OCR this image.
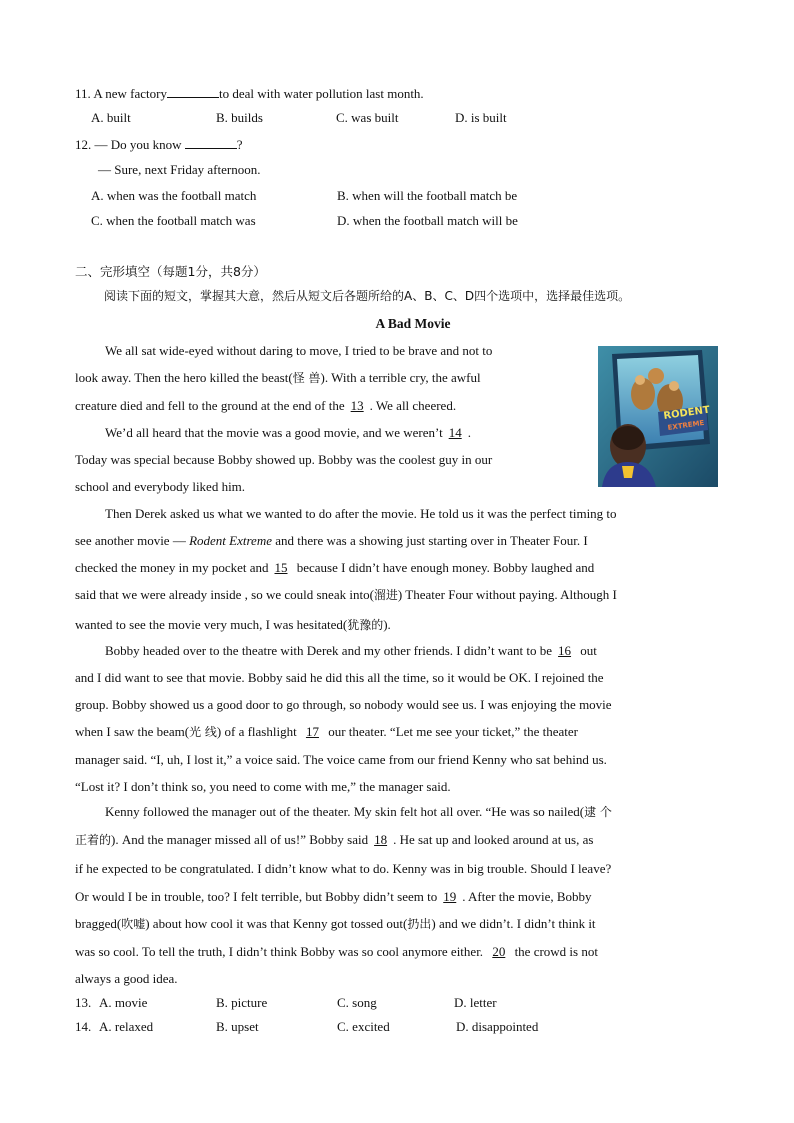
11. A new factory	to deal with water pollution last month.
A. built	B. builds	C. was built	D. is built
12. — Do you know	?
— Sure, next Friday afternoon.
A. when was the football match	B. when will the football match be
C. when the football match was	D. when the football match will be
二、完形填空（每题1分，共8分）
阅读下面的短文，掌握其大意，然后从短文后各题所给的A、B、C、D四个选项中，选择最佳选项。
A Bad Movie
RODENT
EXTREME
We all sat wide-eyed without daring to move, I tried to be brave and not to
look away. Then the hero killed the beast(怪 兽). With a terrible cry, the awful
creature died and fell to the ground at the end of the 13 . We all cheered.
We’d all heard that the movie was a good movie, and we weren’t 14 .
Today was special because Bobby showed up. Bobby was the coolest guy in our
school and everybody liked him.
Then Derek asked us what we wanted to do after the movie. He told us it was the perfect timing to
see another movie — Rodent Extreme and there was a showing just starting over in Theater Four. I
checked the money in my pocket and 15 because I didn’t have enough money. Bobby laughed and
said that we were already inside , so we could sneak into(溜进) Theater Four without paying. Although I
wanted to see the movie very much, I was hesitated(犹豫的).
Bobby headed over to the theatre with Derek and my other friends. I didn’t want to be 16 out
and I did want to see that movie. Bobby said he did this all the time, so it would be OK. I rejoined the
group. Bobby showed us a good door to go through, so nobody would see us. I was enjoying the movie
when I saw the beam(光 线) of a flashlight 17 our theater. “Let me see your ticket,” the theater
manager said. “I, uh, I lost it,” a voice said. The voice came from our friend Kenny who sat behind us.
“Lost it? I don’t think so, you need to come with me,” the manager said.
Kenny followed the manager out of the theater. My skin felt hot all over. “He was so nailed(逮 个
正着的). And the manager missed all of us!” Bobby said 18 . He sat up and looked around at us, as
if he expected to be congratulated. I didn’t know what to do. Kenny was in big trouble. Should I leave?
Or would I be in trouble, too? I felt terrible, but Bobby didn’t seem to 19 . After the movie, Bobby
bragged(吹嘘) about how cool it was that Kenny got tossed out(扔出) and we didn’t. I didn’t think it
was so cool. To tell the truth, I didn’t think Bobby was so cool anymore either. 20 the crowd is not
always a good idea.
13. A. movie	B. picture	C. song	D. letter
14. A. relaxed	B. upset	C. excited	D. disappointed
